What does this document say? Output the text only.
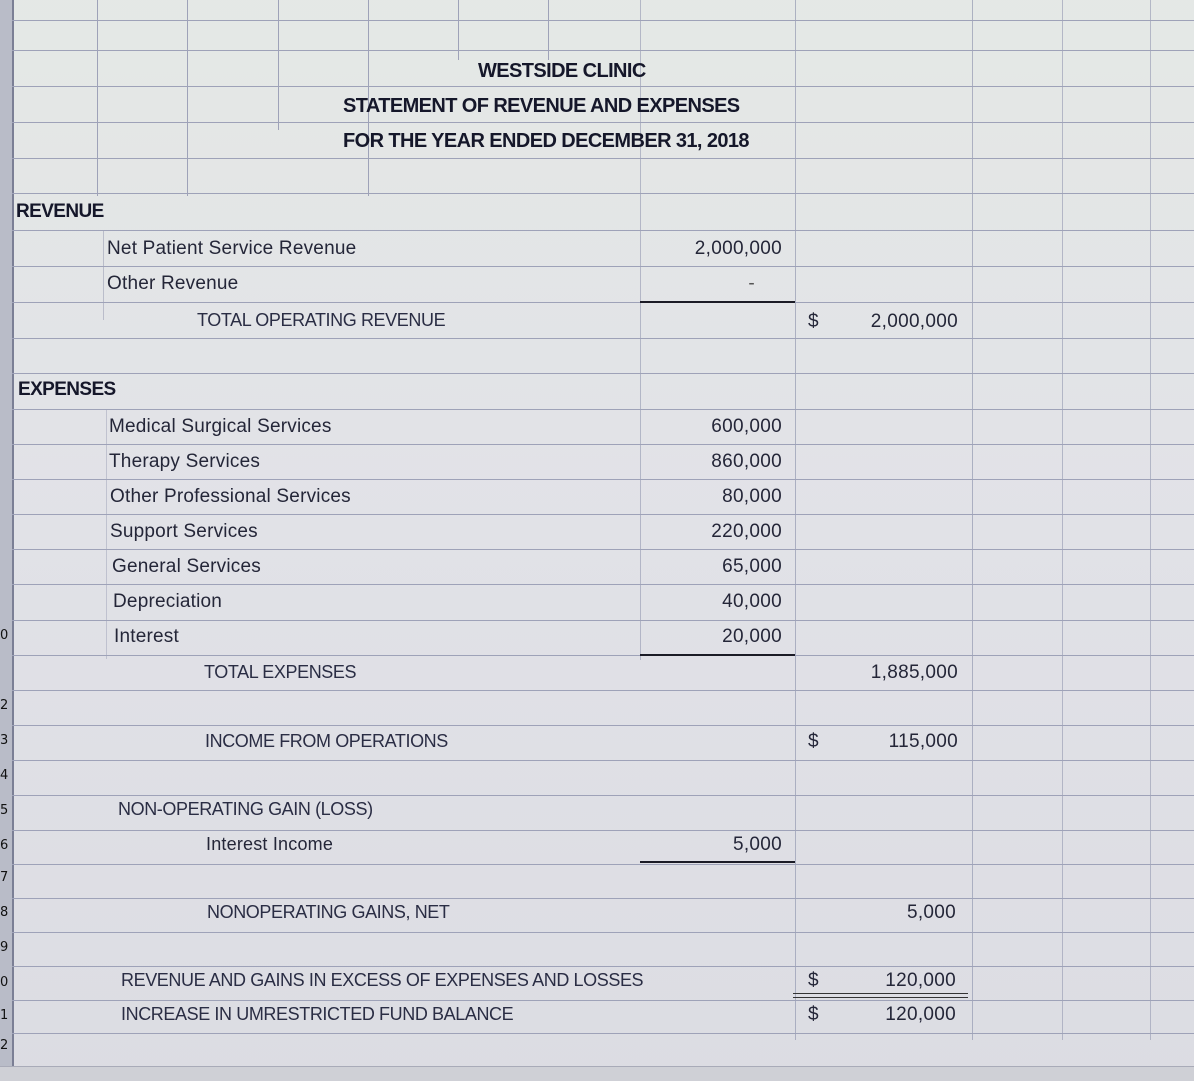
0
2
3
4
5
6
7
8
9
0
1
2
WESTSIDE CLINIC
STATEMENT OF REVENUE AND EXPENSES
FOR THE YEAR ENDED DECEMBER 31, 2018
REVENUE
Net Patient Service Revenue	2,000,000
Other Revenue	-
TOTAL OPERATING REVENUE	$	2,000,000
EXPENSES
Medical Surgical Services	600,000
Therapy Services	860,000
Other Professional Services	80,000
Support Services	220,000
General Services	65,000
Depreciation	40,000
Interest	20,000
TOTAL EXPENSES	1,885,000
INCOME FROM OPERATIONS	$	115,000
NON-OPERATING GAIN (LOSS)
Interest Income	5,000
NONOPERATING GAINS, NET	5,000
REVENUE AND GAINS IN EXCESS OF EXPENSES AND LOSSES	$	120,000
INCREASE IN UMRESTRICTED FUND BALANCE	$	120,000
